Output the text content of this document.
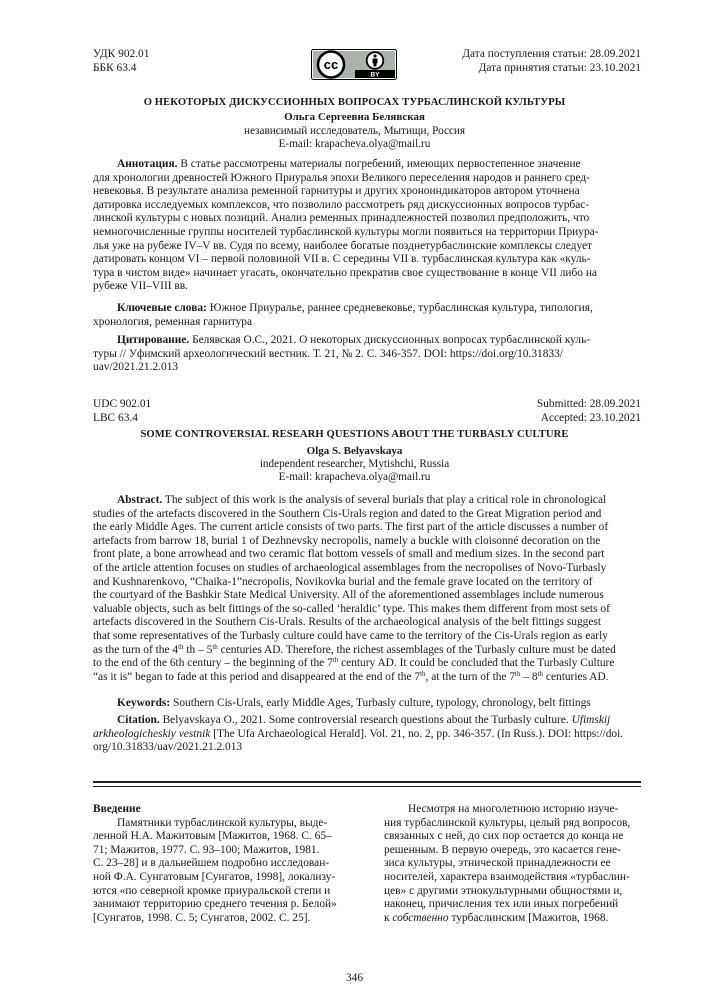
УДК 902.01
ББК 63.4
Дата поступления статьи: 28.09.2021
Дата принятия статьи: 23.10.2021
cc
BY
О НЕКОТОРЫХ ДИСКУССИОННЫХ ВОПРОСАХ ТУРБАСЛИНСКОЙ КУЛЬТУРЫ
Ольга Сергеевна Белявская
независимый исследователь, Мытищи, Россия
E-mail: krapacheva.olya@mail.ru
Аннотация. В статье рассмотрены материалы погребений, имеющих первостепенное значение
для хронологии древностей Южного Приуралья эпохи Великого переселения народов и раннего сред-
невековья. В результате анализа ременной гарнитуры и других хроноиндикаторов автором уточнена
датировка исследуемых комплексов, что позволило рассмотреть ряд дискуссионных вопросов турбас-
линской культуры с новых позиций. Анализ ременных принадлежностей позволил предположить, что
немногочисленные группы носителей турбаслинской культуры могли появиться на территории Приура-
лья уже на рубеже IV–V вв. Судя по всему, наиболее богатые позднетурбаслинские комплексы следует
датировать концом VI – первой половиной VII в. С середины VII в. турбаслинская культура как «куль-
тура в чистом виде» начинает угасать, окончательно прекратив свое существование в конце VII либо на
рубеже VII–VIII вв.
Ключевые слова: Южное Приуралье, раннее средневековье, турбаслинская культура, типология,
хронология, ременная гарнитура
Цитирование. Белявская О.С., 2021. О некоторых дискуссионных вопросах турбаслинской куль-
туры // Уфимский археологический вестник. Т. 21, № 2. С. 346-357. DOI: https://doi.org/10.31833/
uav/2021.21.2.013
UDC 902.01
LBC 63.4
Submitted: 28.09.2021
Accepted: 23.10.2021
SOME CONTROVERSIAL RESEARH QUESTIONS ABOUT THE TURBASLY CULTURE
Olga S. Belyavskaya
independent researcher, Mytishchi, Russia
E-mail: krapacheva.olya@mail.ru
Abstract. The subject of this work is the analysis of several burials that play a critical role in chronological
studies of the artefacts discovered in the Southern Cis-Urals region and dated to the Great Migration period and
the early Middle Ages. The current article consists of two parts. The first part of the article discusses a number of
artefacts from barrow 18, burial 1 of Dezhnevsky necropolis, namely a buckle with cloisonné decoration on the
front plate, a bone arrowhead and two ceramic flat bottom vessels of small and medium sizes. In the second part
of the article attention focuses on studies of archaeological assemblages from the necropolises of Novo-Turbasly
and Kushnarenkovo, “Chaika-1”necropolis, Novikovka burial and the female grave located on the territory of
the courtyard of the Bashkir State Medical University. All of the aforementioned assemblages include numerous
valuable objects, such as belt fittings of the so-called ‘heraldic’ type. This makes them different from most sets of
artefacts discovered in the Southern Cis-Urals. Results of the archaeological analysis of the belt fittings suggest
that some representatives of the Turbasly culture could have came to the territory of the Cis-Urals region as early
as the turn of the 4th th – 5th centuries AD. Therefore, the richest assemblages of the Turbasly culture must be dated
to the end of the 6th century – the beginning of the 7th century AD. It could be concluded that the Turbasly Culture
“as it is” began to fade at this period and disappeared at the end of the 7th, at the turn of the 7th – 8th centuries AD.
Keywords: Southern Cis-Urals, early Middle Ages, Turbasly culture, typology, chronology, belt fittings
Citation. Belyavskaya O., 2021. Some controversial research questions about the Turbasly culture. Ufimskij
arkheologicheskiy vestnik [The Ufa Archaeological Herald]. Vol. 21, no. 2, pp. 346-357. (In Russ.). DOI: https://doi.
org/10.31833/uav/2021.21.2.013
Введение
Памятники турбаслинской культуры, выде-
ленной Н.А. Мажитовым [Мажитов, 1968. С. 65–
71; Мажитов, 1977. С. 93–100; Мажитов, 1981.
С. 23–28] и в дальнейшем подробно исследован-
ной Ф.А. Сунгатовым [Сунгатов, 1998], локализу-
ются «по северной кромке приуральской степи и
занимают территорию среднего течения р. Белой»
[Сунгатов, 1998. С. 5; Сунгатов, 2002. С. 25].
Несмотря на многолетнюю историю изуче-
ния турбаслинской культуры, целый ряд вопросов,
связанных с ней, до сих пор остается до конца не
решенным. В первую очередь, это касается гене-
зиса культуры, этнической принадлежности ее
носителей, характера взаимодействия «турбаслин-
цев» с другими этнокультурными общностями и,
наконец, причисления тех или иных погребений
к собственно турбаслинским [Мажитов, 1968.
346
